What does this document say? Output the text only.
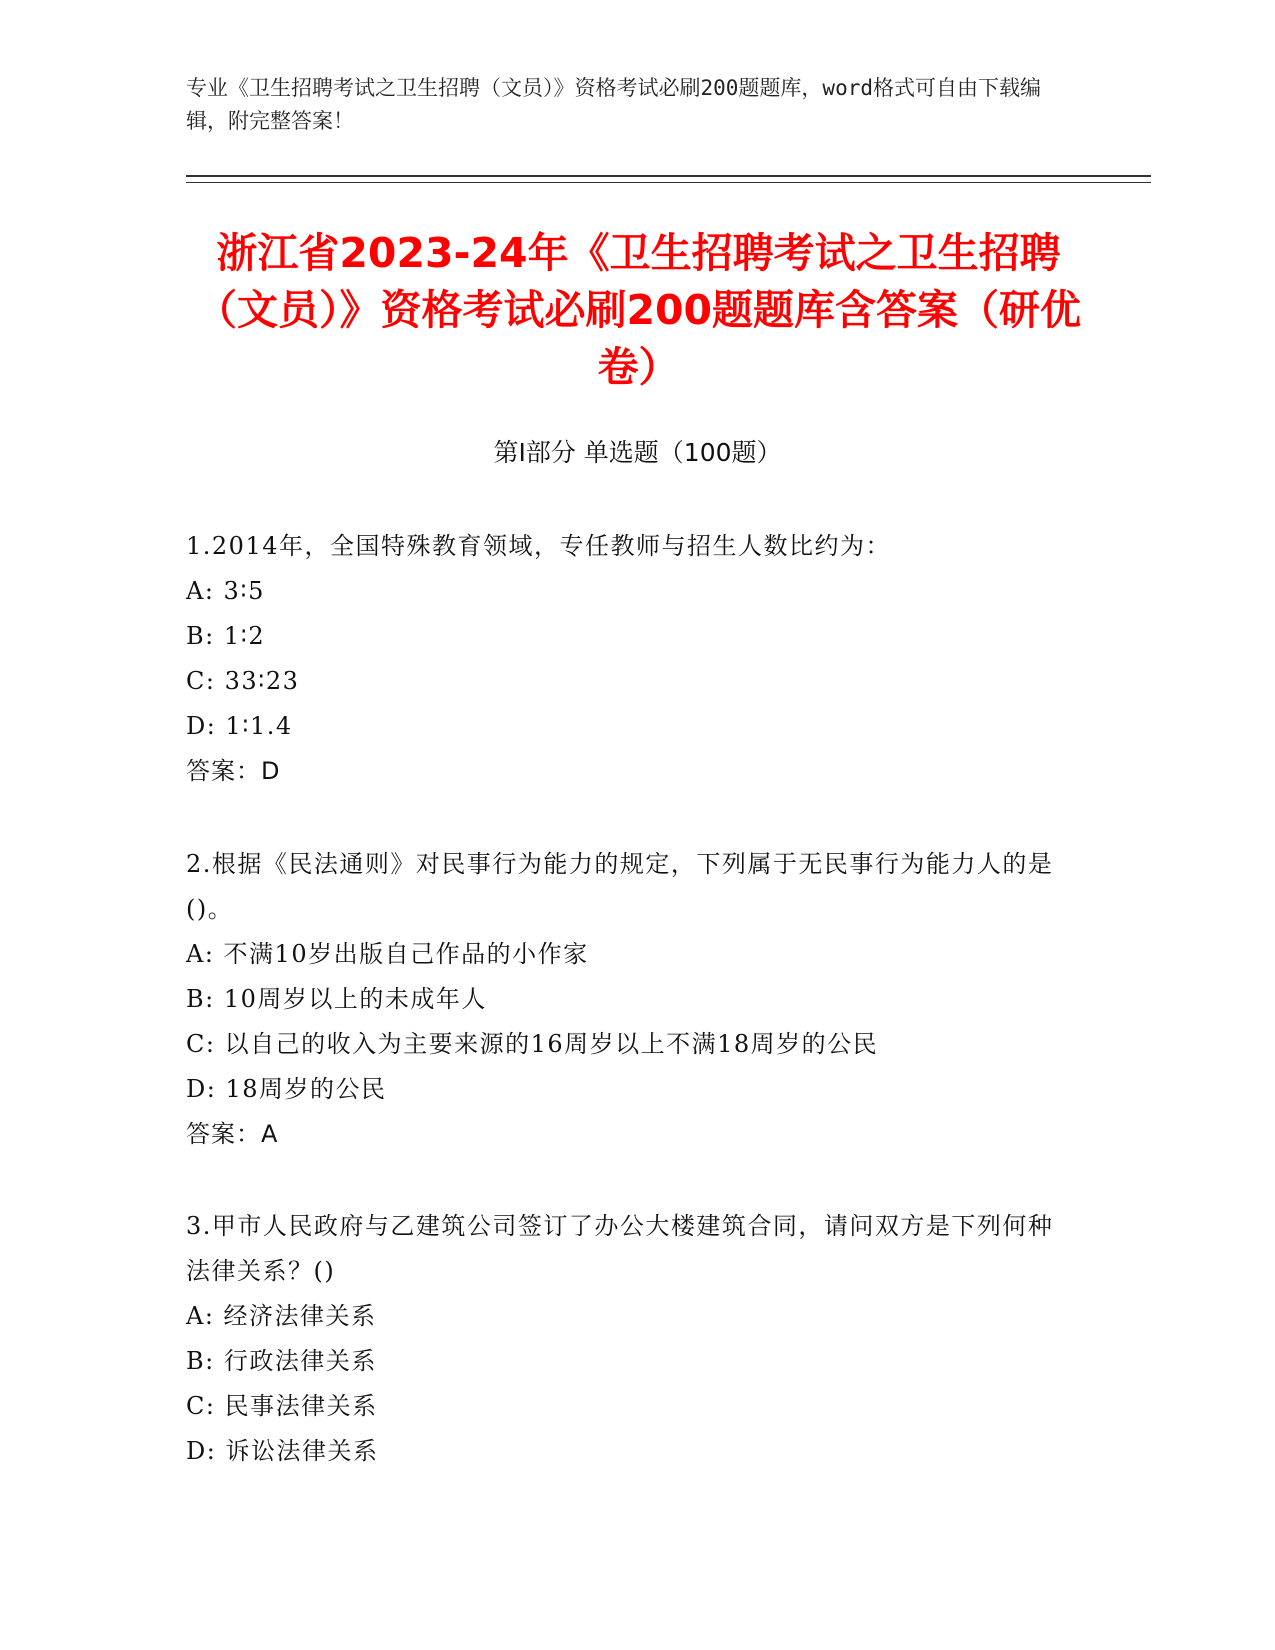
专业《卫生招聘考试之卫生招聘（文员）》资格考试必刷200题题库，word格式可自由下载编辑，附完整答案！
浙江省2023-24年《卫生招聘考试之卫生招聘（文员）》资格考试必刷200题题库含答案（研优卷）
第Ⅰ部分 单选题（100题）
1.2014年，全国特殊教育领域，专任教师与招生人数比约为：
A: 3∶5
B: 1∶2
C: 33∶23
D: 1∶1.4
答案：D
2.根据《民法通则》对民事行为能力的规定，下列属于无民事行为能力人的是()。
A: 不满10岁出版自己作品的小作家
B: 10周岁以上的未成年人
C: 以自己的收入为主要来源的16周岁以上不满18周岁的公民
D: 18周岁的公民
答案：A
3.甲市人民政府与乙建筑公司签订了办公大楼建筑合同，请问双方是下列何种法律关系？()
A: 经济法律关系
B: 行政法律关系
C: 民事法律关系
D: 诉讼法律关系
